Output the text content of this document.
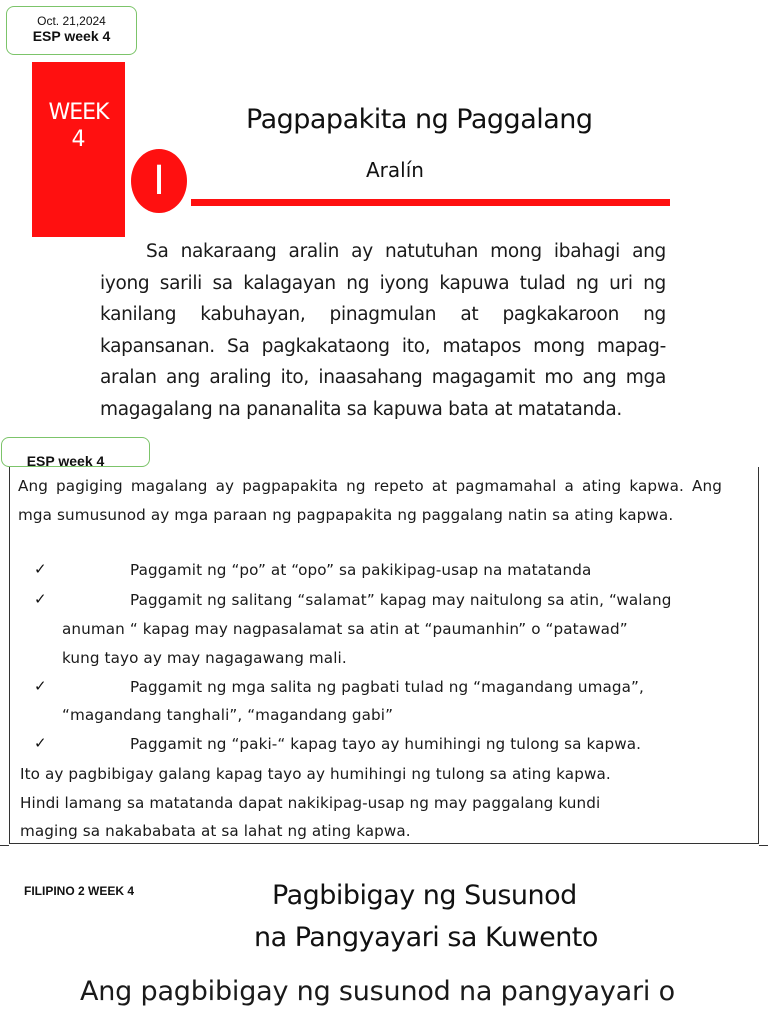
Oct. 21,2024
ESP week 4
WEEK
4
Pagpapakita ng Paggalang
Aralín
I

Sa nakaraang aralin ay natutuhan mong ibahagi ang iyong sarili sa kalagayan ng iyong kapuwa tulad ng uri ng kanilang kabuhayan, pinagmulan at pagkakaroon ng kapansanan. Sa pagkakataong ito, matapos mong mapag-aralan ang araling ito, inaasahang magagamit mo ang mga magagalang na pananalita sa kapuwa bata at matatanda.

ESP week 4
Ang pagiging magalang ay pagpapakita ng repeto at pagmamahal a ating kapwa. Ang mga sumusunod ay mga paraan ng pagpapakita ng paggalang natin sa ating kapwa.
✓	Paggamit ng “po” at “opo” sa pakikipag-usap na matatanda
✓	Paggamit ng salitang “salamat” kapag may naitulong sa atin, “walang
anuman “ kapag may nagpasalamat sa atin at “paumanhin” o “patawad”
kung tayo ay may nagagawang mali.
✓	Paggamit ng mga salita ng pagbati tulad ng “magandang umaga”,
“magandang tanghali”, “magandang gabi”
✓	Paggamit ng “paki-“ kapag tayo ay humihingi ng tulong sa kapwa.
Ito ay pagbibigay galang kapag tayo ay humihingi ng tulong sa ating kapwa.
Hindi lamang sa matatanda dapat nakikipag-usap ng may paggalang kundi
maging sa nakababata at sa lahat ng ating kapwa.
FILIPINO 2 WEEK 4	Pagbibigay ng Susunod
na Pangyayari sa Kuwento
Ang pagbibigay ng susunod na pangyayari o
